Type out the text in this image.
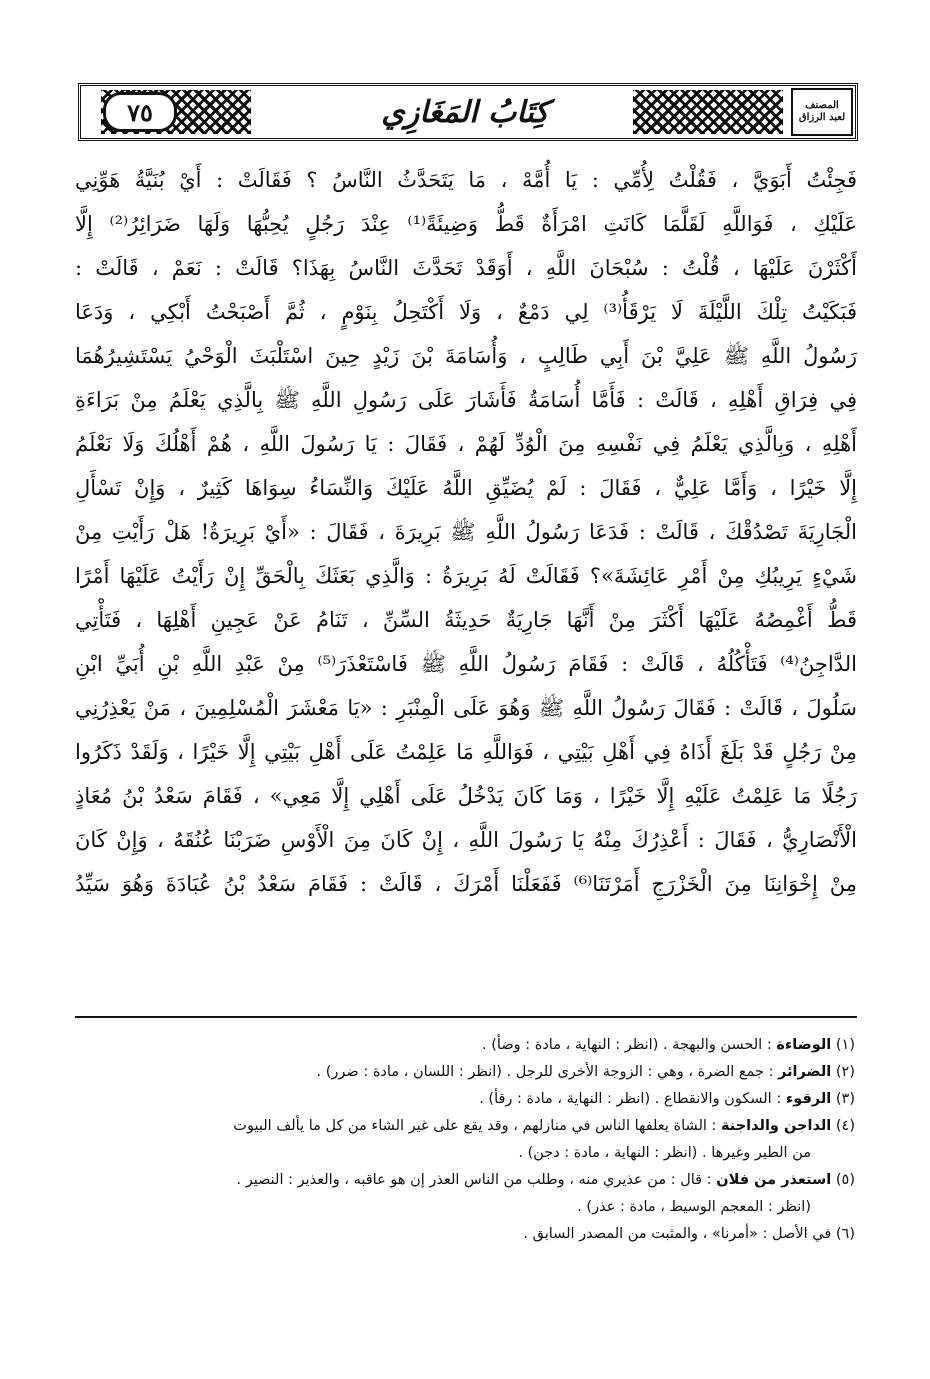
٧٥	كِتَابُ المَغَازِي	المصنف
لعبد الرزاق
فَجِئْتُ أَبَوَيَّ ، فَقُلْتُ لِأُمِّي : يَا أُمَّهْ ، مَا يَتَحَدَّثُ النَّاسُ ؟ فَقَالَتْ : أَيْ بُنَيَّةُ هَوِّنِي
عَلَيْكِ ، فَوَاللَّهِ لَقَلَّمَا كَانَتِ امْرَأَةٌ قَطُّ وَضِيئَةً⁽¹⁾ عِنْدَ رَجُلٍ يُحِبُّهَا وَلَهَا ضَرَائِرُ⁽²⁾ إِلَّا
أَكْثَرْنَ عَلَيْهَا ، قُلْتُ : سُبْحَانَ اللَّهِ ، أَوَقَدْ تَحَدَّثَ النَّاسُ بِهَذَا؟ قَالَتْ : نَعَمْ ، قَالَتْ :
فَبَكَيْتُ تِلْكَ اللَّيْلَةَ لَا يَرْقَأُ⁽³⁾ لِي دَمْعٌ ، وَلَا أَكْتَحِلُ بِنَوْمٍ ، ثُمَّ أَصْبَحْتُ أَبْكِي ، وَدَعَا
رَسُولُ اللَّهِ ﷺ عَلِيَّ بْنَ أَبِي طَالِبٍ ، وَأُسَامَةَ بْنَ زَيْدٍ حِينَ اسْتَلْبَثَ الْوَحْيُ يَسْتَشِيرُهُمَا
فِي فِرَاقِ أَهْلِهِ ، قَالَتْ : فَأَمَّا أُسَامَةُ فَأَشَارَ عَلَى رَسُولِ اللَّهِ ﷺ بِالَّذِي يَعْلَمُ مِنْ بَرَاءَةِ
أَهْلِهِ ، وَبِالَّذِي يَعْلَمُ فِي نَفْسِهِ مِنَ الْوُدِّ لَهُمْ ، فَقَالَ : يَا رَسُولَ اللَّهِ ، هُمْ أَهْلُكَ وَلَا نَعْلَمُ
إِلَّا خَيْرًا ، وَأَمَّا عَلِيٌّ ، فَقَالَ : لَمْ يُضَيِّقِ اللَّهُ عَلَيْكَ وَالنِّسَاءُ سِوَاهَا كَثِيرٌ ، وَإِنْ تَسْأَلِ
الْجَارِيَةَ تَصْدُقْكَ ، قَالَتْ : فَدَعَا رَسُولُ اللَّهِ ﷺ بَرِيرَةَ ، فَقَالَ : «أَيْ بَرِيرَةُ! هَلْ رَأَيْتِ مِنْ
شَيْءٍ يَرِيبُكِ مِنْ أَمْرِ عَائِشَةَ»؟ فَقَالَتْ لَهُ بَرِيرَةُ : وَالَّذِي بَعَثَكَ بِالْحَقِّ إِنْ رَأَيْتُ عَلَيْهَا أَمْرًا
قَطُّ أَغْمِصُهُ عَلَيْهَا أَكْثَرَ مِنْ أَنَّهَا جَارِيَةٌ حَدِيثَةُ السِّنِّ ، تَنَامُ عَنْ عَجِينِ أَهْلِهَا ، فَتَأْتِي
الدَّاجِنُ⁽⁴⁾ فَتَأْكُلُهُ ، قَالَتْ : فَقَامَ رَسُولُ اللَّهِ ﷺ فَاسْتَعْذَرَ⁽⁵⁾ مِنْ عَبْدِ اللَّهِ بْنِ أُبَيِّ ابْنِ
سَلُولَ ، قَالَتْ : فَقَالَ رَسُولُ اللَّهِ ﷺ وَهُوَ عَلَى الْمِنْبَرِ : «يَا مَعْشَرَ الْمُسْلِمِينَ ، مَنْ يَعْذِرُنِي
مِنْ رَجُلٍ قَدْ بَلَغَ أَذَاهُ فِي أَهْلِ بَيْتِي ، فَوَاللَّهِ مَا عَلِمْتُ عَلَى أَهْلِ بَيْتِي إِلَّا خَيْرًا ، وَلَقَدْ ذَكَرُوا
رَجُلًا مَا عَلِمْتُ عَلَيْهِ إِلَّا خَيْرًا ، وَمَا كَانَ يَدْخُلُ عَلَى أَهْلِي إِلَّا مَعِي» ، فَقَامَ سَعْدُ بْنُ مُعَاذٍ
الْأَنْصَارِيُّ ، فَقَالَ : أَعْذِرُكَ مِنْهُ يَا رَسُولَ اللَّهِ ، إِنْ كَانَ مِنَ الْأَوْسِ ضَرَبْنَا عُنُقَهُ ، وَإِنْ كَانَ
مِنْ إِخْوَانِنَا مِنَ الْخَزْرَجِ أَمَرْتَنَا⁽⁶⁾ فَفَعَلْنَا أَمْرَكَ ، قَالَتْ : فَقَامَ سَعْدُ بْنُ عُبَادَةَ وَهُوَ سَيِّدُ
(١) الوضاءة : الحسن والبهجة . (انظر : النهاية ، مادة : وضأ) .
(٢) الضرائر : جمع الضرة ، وهي : الزوجة الأخرى للرجل . (انظر : اللسان ، مادة : ضرر) .
(٣) الرقوء : السكون والانقطاع . (انظر : النهاية ، مادة : رقأ) .
(٤) الداجن والداجنة : الشاة يعلفها الناس في منازلهم ، وقد يقع على غير الشاء من كل ما يألف البيوت
من الطير وغيرها . (انظر : النهاية ، مادة : دجن) .
(٥) استعذر من فلان : قال : من عذيري منه ، وطلب من الناس العذر إن هو عاقبه ، والعذير : النصير .
(انظر : المعجم الوسيط ، مادة : عذر) .
(٦) في الأصل : «أمرنا» ، والمثبت من المصدر السابق .
